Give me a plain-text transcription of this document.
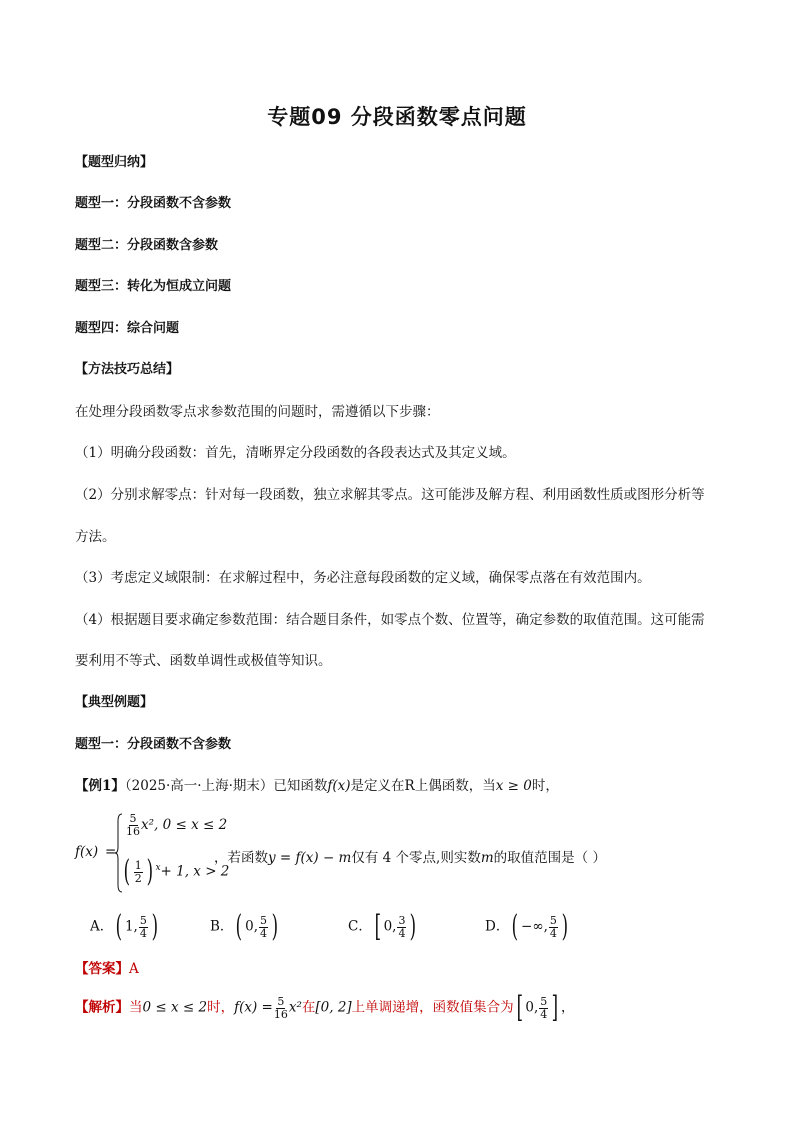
专题09 分段函数零点问题
【题型归纳】
题型一：分段函数不含参数
题型二：分段函数含参数
题型三：转化为恒成立问题
题型四：综合问题
【方法技巧总结】
在处理分段函数零点求参数范围的问题时，需遵循以下步骤：
（1）明确分段函数：首先，清晰界定分段函数的各段表达式及其定义域。
（2）分别求解零点：针对每一段函数，独立求解其零点。这可能涉及解方程、利用函数性质或图形分析等
方法。
（3）考虑定义域限制：在求解过程中，务必注意每段函数的定义域，确保零点落在有效范围内。
（4）根据题目要求确定参数范围：结合题目条件，如零点个数、位置等，确定参数的取值范围。这可能需
要利用不等式、函数单调性或极值等知识。
【典型例题】
题型一：分段函数不含参数
【例1】（2025·高一·上海·期末）已知函数f(x)是定义在R上偶函数，当x ≥ 0时，
f(x) =
$\frac{5}{16} x^2$, 0 ≤ x ≤ 2
( $\frac{1}{2}$ ) $^x$+ 1, x > 2
，若函数y = f(x) − m仅有 4 个零点,则实数m的取值范围是（ ）
A．( 1, $\frac{5}{4}$ )	B．( 0, $\frac{5}{4}$ )	C．[ 0, $\frac{3}{4}$ )	D．( −∞, $\frac{5}{4}$ )
【答案】A
【解析】当0 ≤ x ≤ 2时，$f(x) = \frac{5}{16} x^2$在[0, 2]上单调递增，函数值集合为[ 0, $\frac{5}{4}$ ] ，
